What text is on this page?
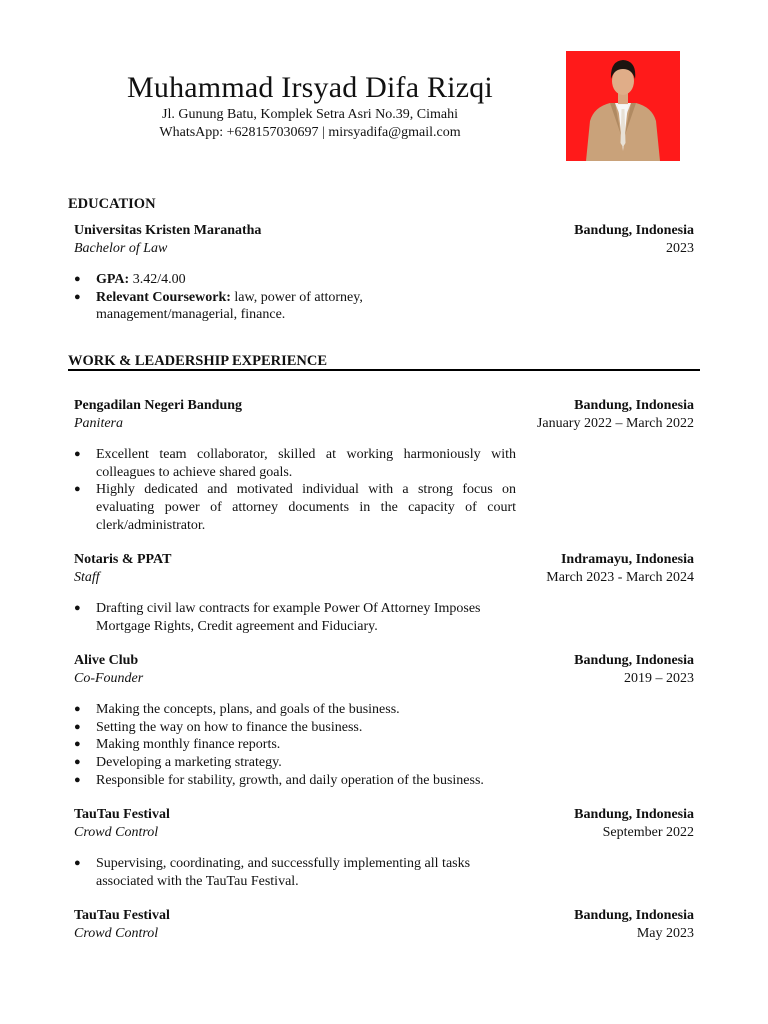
Muhammad Irsyad Difa Rizqi
Jl. Gunung Batu, Komplek Setra Asri No.39, Cimahi
WhatsApp: +628157030697 | mirsyadifa@gmail.com
EDUCATION
Universitas Kristen Maranatha	Bandung, Indonesia
Bachelor of Law	2023
● GPA: 3.42/4.00
● Relevant Coursework: law, power of attorney, management/managerial, finance.
WORK & LEADERSHIP EXPERIENCE
Pengadilan Negeri Bandung	Bandung, Indonesia
Panitera	January 2022 – March 2022
● Excellent team collaborator, skilled at working harmoniously with colleagues to achieve shared goals.
● Highly dedicated and motivated individual with a strong focus on evaluating power of attorney documents in the capacity of court clerk/administrator.
Notaris & PPAT	Indramayu, Indonesia
Staff	March 2023 - March 2024
● Drafting civil law contracts for example Power Of Attorney Imposes Mortgage Rights, Credit agreement and Fiduciary.
Alive Club	Bandung, Indonesia
Co-Founder	2019 – 2023
● Making the concepts, plans, and goals of the business.
● Setting the way on how to finance the business.
● Making monthly finance reports.
● Developing a marketing strategy.
● Responsible for stability, growth, and daily operation of the business.
TauTau Festival	Bandung, Indonesia
Crowd Control	September 2022
● Supervising, coordinating, and successfully implementing all tasks associated with the TauTau Festival.
TauTau Festival	Bandung, Indonesia
Crowd Control	May 2023
